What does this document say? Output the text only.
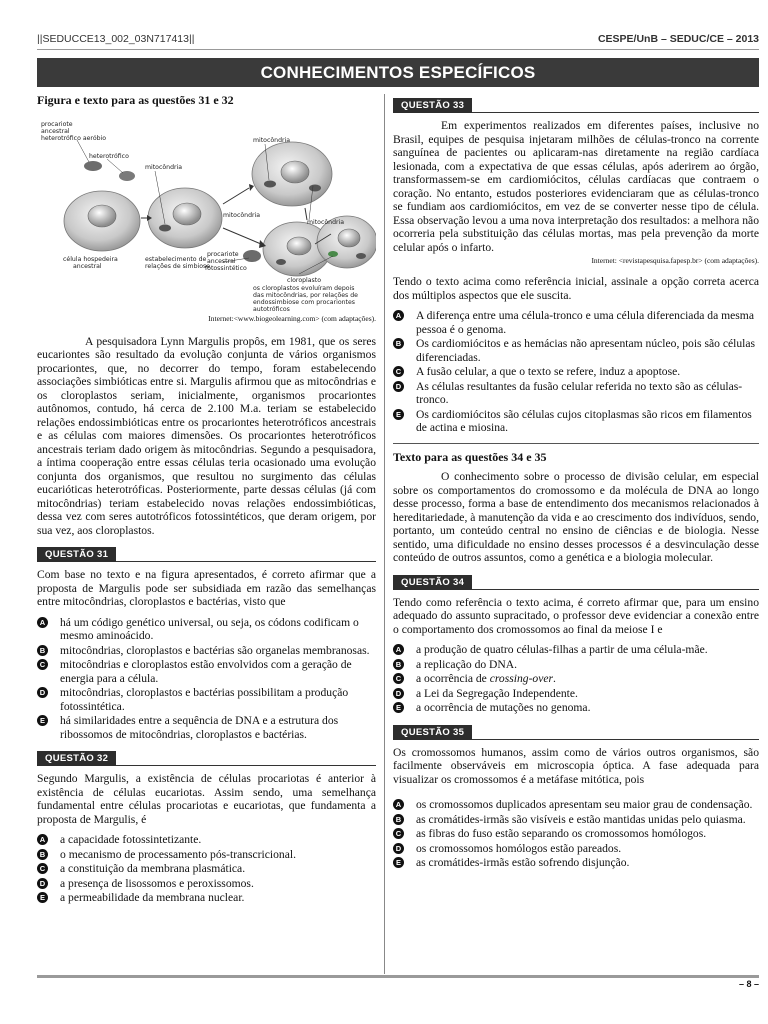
||SEDUCCE13_002_03N717413||	CESPE/UnB – SEDUC/CE – 2013
CONHECIMENTOS ESPECÍFICOS
Figura e texto para as questões 31 e 32
procariote
ancestral
heterotrófico aeróbio
heterotrófico
mitocôndria
mitocôndria
mitocôndria
mitocôndria
célula hospedeira
ancestral
estabelecimento de
relações de simbiose
procariote
ancestral
fotossintético
cloroplasto
os cloroplastos evoluíram depois
das mitocôndrias, por relações de
endossimbiose com procariontes
autotróficos
Internet:<www.biogeolearning.com> (com adaptações).

A pesquisadora Lynn Margulis propôs, em 1981, que os seres eucariontes são resultado da evolução conjunta de vários organismos procariontes, que, no decorrer do tempo, foram estabelecendo associações simbióticas entre si. Margulis afirmou que as mitocôndrias e os cloroplastos seriam, inicialmente, organismos procariontes autônomos, contudo, há cerca de 2.100 M.a. teriam se estabelecido relações endossimbióticas entre os procariontes heterotróficos ancestrais e as células com maiores dimensões. Os procariontes heterotróficos ancestrais teriam dado origem às mitocôndrias. Segundo a pesquisadora, a íntima cooperação entre essas células teria ocasionado uma evolução conjunta dos organismos, que resultou no surgimento das células eucarióticas heterotróficas. Posteriormente, parte dessas células (já com mitocôndrias) teriam estabelecido novas relações endossimbióticas, dessa vez com seres autotróficos fotossintéticos, que deram origem, por sua vez, aos cloroplastos.

QUESTÃO 31

Com base no texto e na figura apresentados, é correto afirmar que a proposta de Margulis pode ser subsidiada em razão das semelhanças entre mitocôndrias, cloroplastos e bactérias, visto que

A há um código genético universal, ou seja, os códons codificam o mesmo aminoácido.
B mitocôndrias, cloroplastos e bactérias são organelas membranosas.
C mitocôndrias e cloroplastos estão envolvidos com a geração de energia para a célula.
D mitocôndrias, cloroplastos e bactérias possibilitam a produção fotossintética.
E há similaridades entre a sequência de DNA e a estrutura dos ribossomos de mitocôndrias, cloroplastos e bactérias.
QUESTÃO 32

Segundo Margulis, a existência de células procariotas é anterior à existência de células eucariotas. Assim sendo, uma semelhança fundamental entre células procariotas e eucariotas, que fundamenta a proposta de Margulis, é

A a capacidade fotossintetizante.
B o mecanismo de processamento pós-transcricional.
C a constituição da membrana plasmática.
D a presença de lisossomos e peroxissomos.
E a permeabilidade da membrana nuclear.
QUESTÃO 33

Em experimentos realizados em diferentes países, inclusive no Brasil, equipes de pesquisa injetaram milhões de células-tronco na corrente sanguínea de pacientes ou aplicaram-nas diretamente na região cardíaca lesionada, com a expectativa de que essas células, após aderirem ao órgão, transformassem-se em cardiomiócitos, células cardíacas que contraem o coração. No entanto, estudos posteriores evidenciaram que as células-tronco se fundiam aos cardiomiócitos, em vez de se converter nesse tipo de célula. Essa observação levou a uma nova interpretação dos resultados: a melhora não ocorreria pela substituição das células mortas, mas pela prevenção da morte celular após o infarto.

Internet: <revistapesquisa.fapesp.br> (com adaptações).

Tendo o texto acima como referência inicial, assinale a opção correta acerca dos múltiplos aspectos que ele suscita.

A A diferença entre uma célula-tronco e uma célula diferenciada da mesma pessoa é o genoma.
B Os cardiomiócitos e as hemácias não apresentam núcleo, pois são células diferenciadas.
C A fusão celular, a que o texto se refere, induz a apoptose.
D As células resultantes da fusão celular referida no texto são as células-tronco.
E Os cardiomiócitos são células cujos citoplasmas são ricos em filamentos de actina e miosina.
Texto para as questões 34 e 35

O conhecimento sobre o processo de divisão celular, em especial sobre os comportamentos do cromossomo e da molécula de DNA ao longo desse processo, forma a base de entendimento dos mecanismos relacionados à hereditariedade, à manutenção da vida e ao crescimento dos indivíduos, sendo, portanto, um conteúdo central no ensino de ciências e de biologia. Nesse sentido, uma dificuldade no ensino desses processos é a desvinculação desse conteúdo de outros assuntos, como a genética e a biologia molecular.

QUESTÃO 34

Tendo como referência o texto acima, é correto afirmar que, para um ensino adequado do assunto supracitado, o professor deve evidenciar a conexão entre o comportamento dos cromossomos ao final da meiose I e

A a produção de quatro células-filhas a partir de uma célula-mãe.
B a replicação do DNA.
C a ocorrência de crossing-over.
D a Lei da Segregação Independente.
E a ocorrência de mutações no genoma.
QUESTÃO 35

Os cromossomos humanos, assim como de vários outros organismos, são facilmente observáveis em microscopia óptica. A fase adequada para visualizar os cromossomos é a metáfase mitótica, pois

A os cromossomos duplicados apresentam seu maior grau de condensação.
B as cromátides-irmãs são visíveis e estão mantidas unidas pelo quiasma.
C as fibras do fuso estão separando os cromossomos homólogos.
D os cromossomos homólogos estão pareados.
E as cromátides-irmãs estão sofrendo disjunção.
– 8 –
